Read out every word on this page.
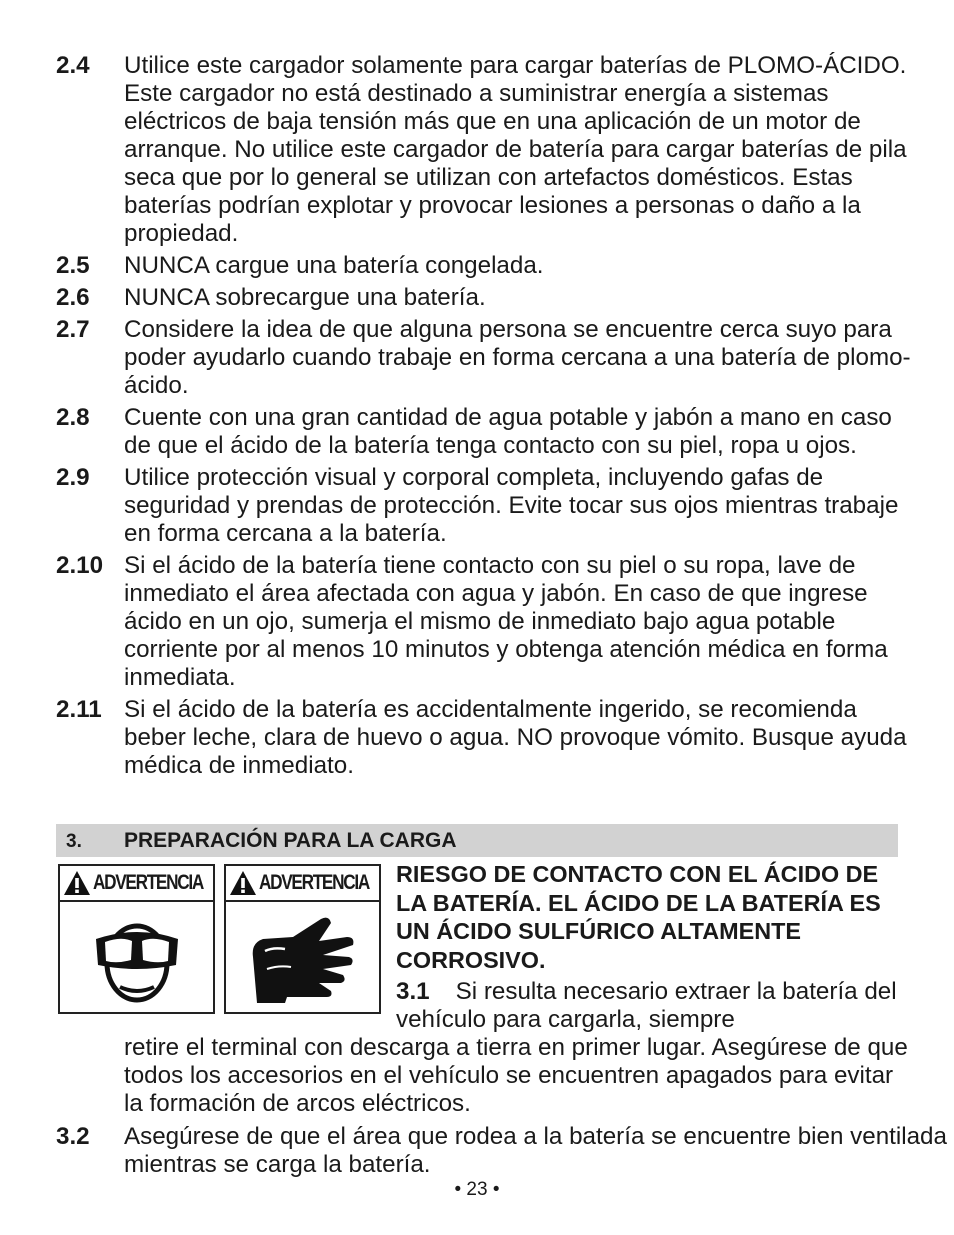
2.4 Utilice este cargador solamente para cargar baterías de PLOMO-ÁCIDO. Este cargador no está destinado a suministrar energía a sistemas eléctricos de baja tensión más que en una aplicación de un motor de arranque. No utilice este cargador de batería para cargar baterías de pila seca que por lo general se utilizan con artefactos domésticos. Estas baterías podrían explotar y provocar lesiones a personas o daño a la propiedad.
2.5 NUNCA cargue una batería congelada.
2.6 NUNCA sobrecargue una batería.
2.7 Considere la idea de que alguna persona se encuentre cerca suyo para poder ayudarlo cuando trabaje en forma cercana a una batería de plomo-ácido.
2.8 Cuente con una gran cantidad de agua potable y jabón a mano en caso de que el ácido de la batería tenga contacto con su piel, ropa u ojos.
2.9 Utilice protección visual y corporal completa, incluyendo gafas de seguridad y prendas de protección. Evite tocar sus ojos mientras trabaje en forma cercana a la batería.
2.10 Si el ácido de la batería tiene contacto con su piel o su ropa, lave de inmediato el área afectada con agua y jabón. En caso de que ingrese ácido en un ojo, sumerja el mismo de inmediato bajo agua potable corriente por al menos 10 minutos y obtenga atención médica en forma inmediata.
2.11 Si el ácido de la batería es accidentalmente ingerido, se recomienda beber leche, clara de huevo o agua. NO provoque vómito. Busque ayuda médica de inmediato.
3. PREPARACIÓN PARA LA CARGA
ADVERTENCIA	ADVERTENCIA RIESGO DE CONTACTO CON EL ÁCIDO DE LA BATERÍA. EL ÁCIDO DE LA BATERÍA ES UN ÁCIDO SULFÚRICO ALTAMENTE CORROSIVO.
3.1 Si resulta necesario extraer la batería del vehículo para cargarla, siempre
retire el terminal con descarga a tierra en primer lugar. Asegúrese de que todos los accesorios en el vehículo se encuentren apagados para evitar la formación de arcos eléctricos.
3.2 Asegúrese de que el área que rodea a la batería se encuentre bien ventilada mientras se carga la batería.
• 23 •
